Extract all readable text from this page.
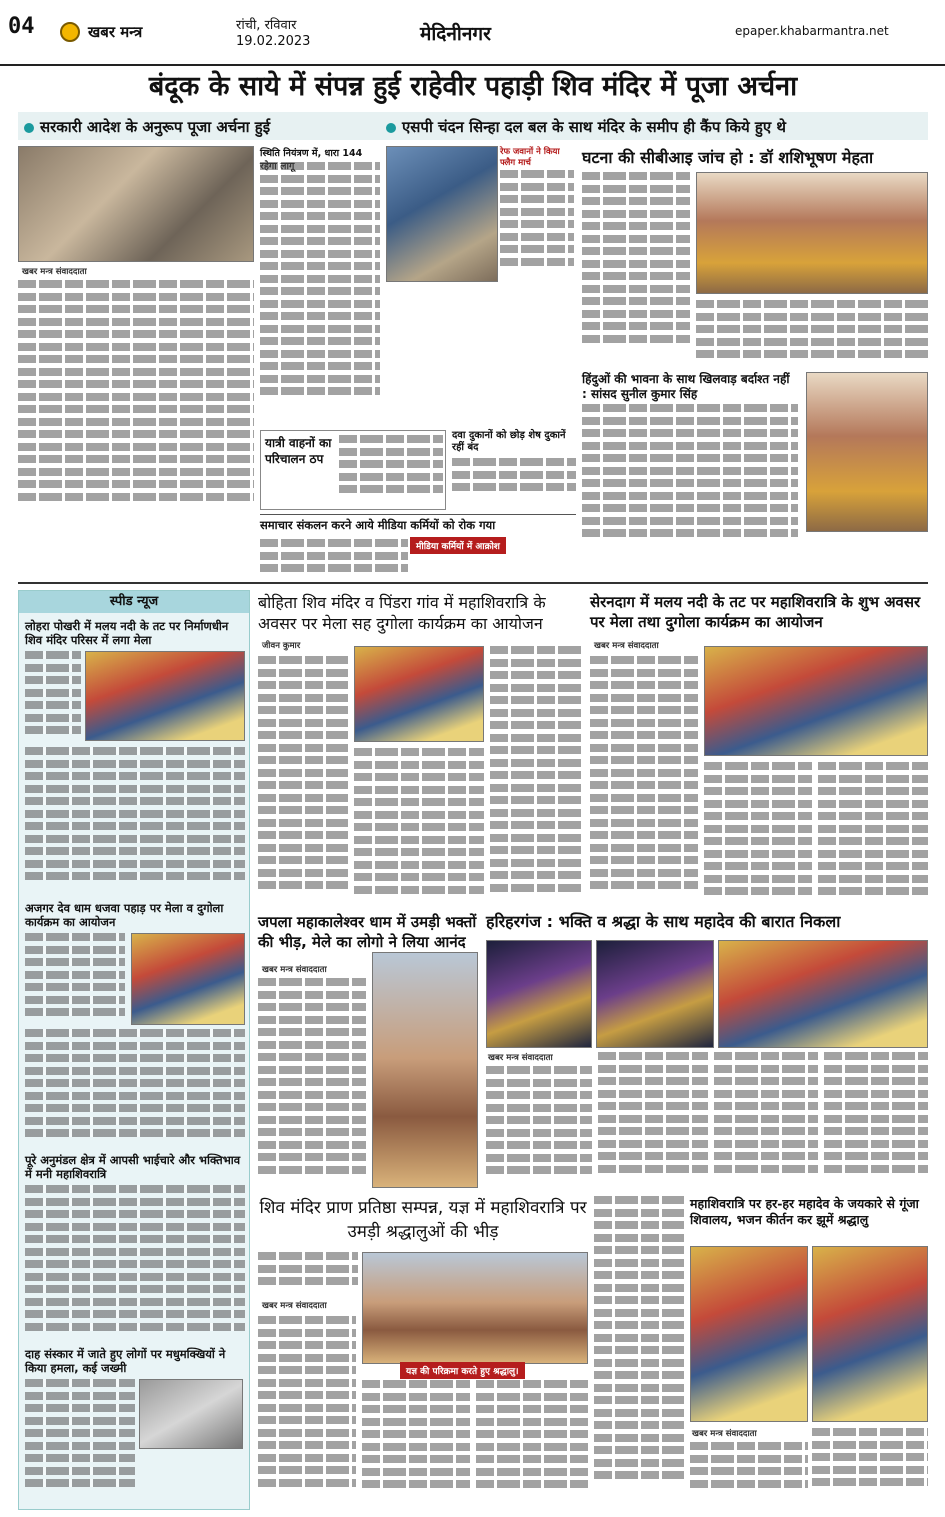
04	खबर मन्त्र	रांची, रविवार
19.02.2023	मेदिनीनगर	epaper.khabarmantra.net
बंदूक के साये में संपन्न हुई राहेवीर पहाड़ी शिव मंदिर में पूजा अर्चना
सरकारी आदेश के अनुरूप पूजा अर्चना हुई	एसपी चंदन सिन्हा दल बल के साथ मंदिर के समीप ही कैंप किये हुए थे
खबर मन्त्र संवाददाता
स्थिति नियंत्रण में, धारा 144	रेफ जवानों ने किया फ्लैग मार्च
यात्री वाहनों का परिचालन ठप
दवा दुकानों को छोड़ शेष दुकानें रहीं बंद
समाचार संकलन करने आये मीडिया कर्मियों को रोक गया
मीडिया कर्मियों में आक्रोश
घटना की सीबीआइ जांच हो : डॉ शशिभूषण मेहता
हिंदुओं की भावना के साथ खिलवाड़ बर्दाश्त नहीं : सांसद सुनील कुमार सिंह
स्पीड न्यूज
लोहरा पोखरी में मलय नदी के तट पर निर्माणधीन शिव मंदिर परिसर में लगा मेला
अजगर देव धाम धजवा पहाड़ पर मेला व दुगोला कार्यक्रम का आयोजन
पूरे अनुमंडल क्षेत्र में आपसी भाईचारे और भक्तिभाव में मनी महाशिवरात्रि
दाह संस्कार में जाते हुए लोगों पर मधुमक्खियों ने किया हमला, कई जख्मी
बोहिता शिव मंदिर व पिंडरा गांव में महाशिवरात्रि के अवसर पर मेला सह दुगोला कार्यक्रम का आयोजन
जीवन कुमार
सेरनदाग में मलय नदी के तट पर महाशिवरात्रि के शुभ अवसर पर मेला तथा दुगोला कार्यक्रम का आयोजन
खबर मन्त्र संवाददाता
जपला महाकालेश्वर धाम में उमड़ी भक्तों की भीड़, मेले का लोगो ने लिया आनंद
खबर मन्त्र संवाददाता
हरिहरगंज : भक्ति व श्रद्धा के साथ महादेव की बारात निकला
खबर मन्त्र संवाददाता
शिव मंदिर प्राण प्रतिष्ठा सम्पन्न, यज्ञ में महाशिवरात्रि पर उमड़ी श्रद्धालुओं की भीड़
खबर मन्त्र संवाददाता
यज्ञ की परिक्रमा करते हुए श्रद्धालु।
महाशिवरात्रि पर हर-हर महादेव के जयकारे से गूंजा शिवालय, भजन कीर्तन कर झूमें श्रद्धालु
खबर मन्त्र संवाददाता
